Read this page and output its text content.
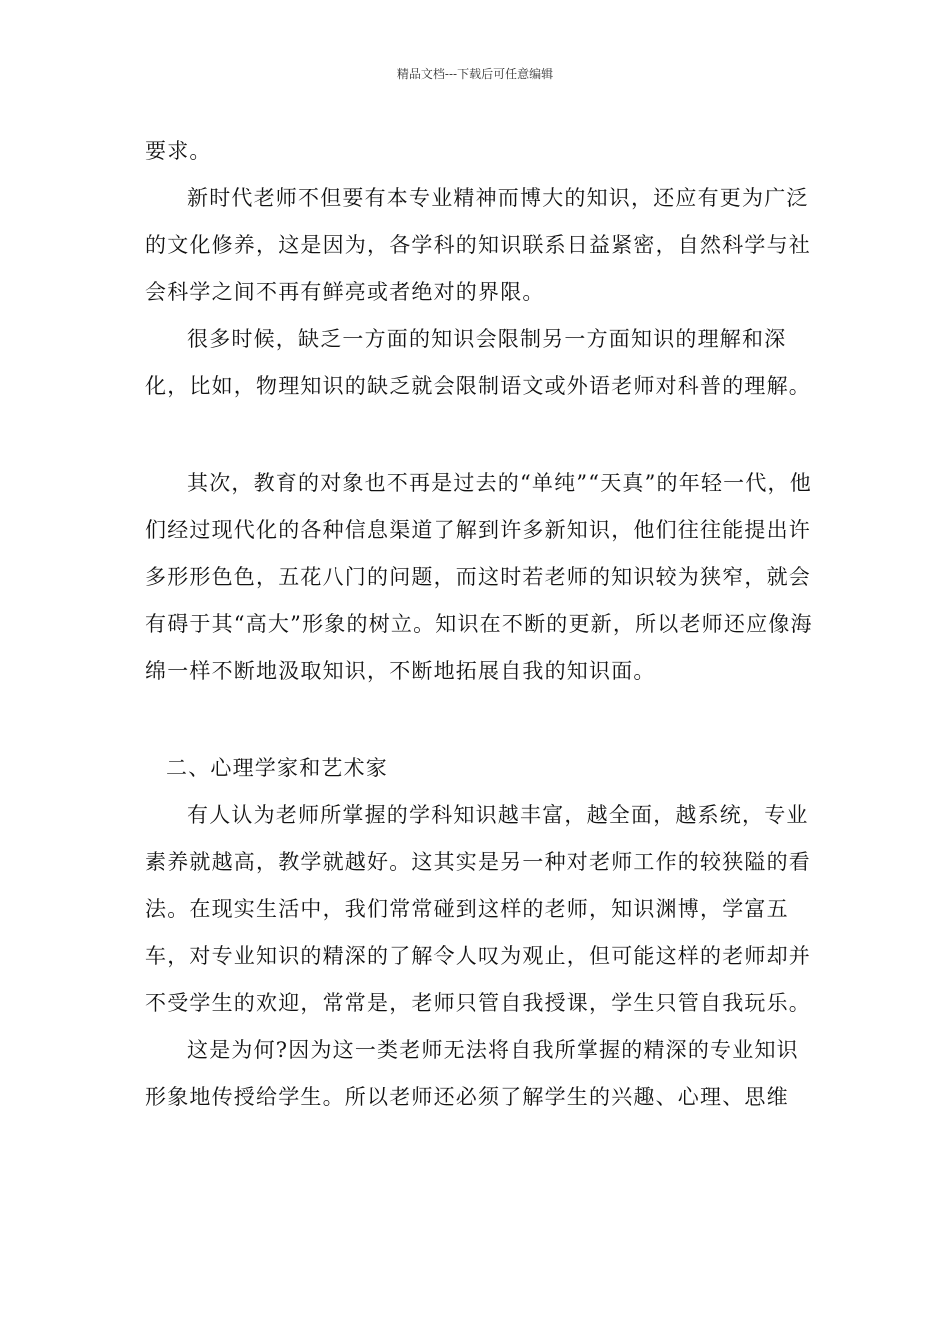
精品文档---下载后可任意编辑

要求。

新时代老师不但要有本专业精神而博大的知识，还应有更为广泛的文化修养，这是因为，各学科的知识联系日益紧密，自然科学与社会科学之间不再有鲜亮或者绝对的界限。

很多时候，缺乏一方面的知识会限制另一方面知识的理解和深化，比如，物理知识的缺乏就会限制语文或外语老师对科普的理解。

其次，教育的对象也不再是过去的“单纯”“天真”的年轻一代，他们经过现代化的各种信息渠道了解到许多新知识，他们往往能提出许多形形色色，五花八门的问题，而这时若老师的知识较为狭窄，就会有碍于其“高大”形象的树立。知识在不断的更新，所以老师还应像海绵一样不断地汲取知识，不断地拓展自我的知识面。

二、心理学家和艺术家

有人认为老师所掌握的学科知识越丰富，越全面，越系统，专业素养就越高，教学就越好。这其实是另一种对老师工作的较狭隘的看法。在现实生活中，我们常常碰到这样的老师，知识渊博，学富五车，对专业知识的精深的了解令人叹为观止，但可能这样的老师却并不受学生的欢迎，常常是，老师只管自我授课，学生只管自我玩乐。

这是为何?因为这一类老师无法将自我所掌握的精深的专业知识形象地传授给学生。所以老师还必须了解学生的兴趣、心理、思维
